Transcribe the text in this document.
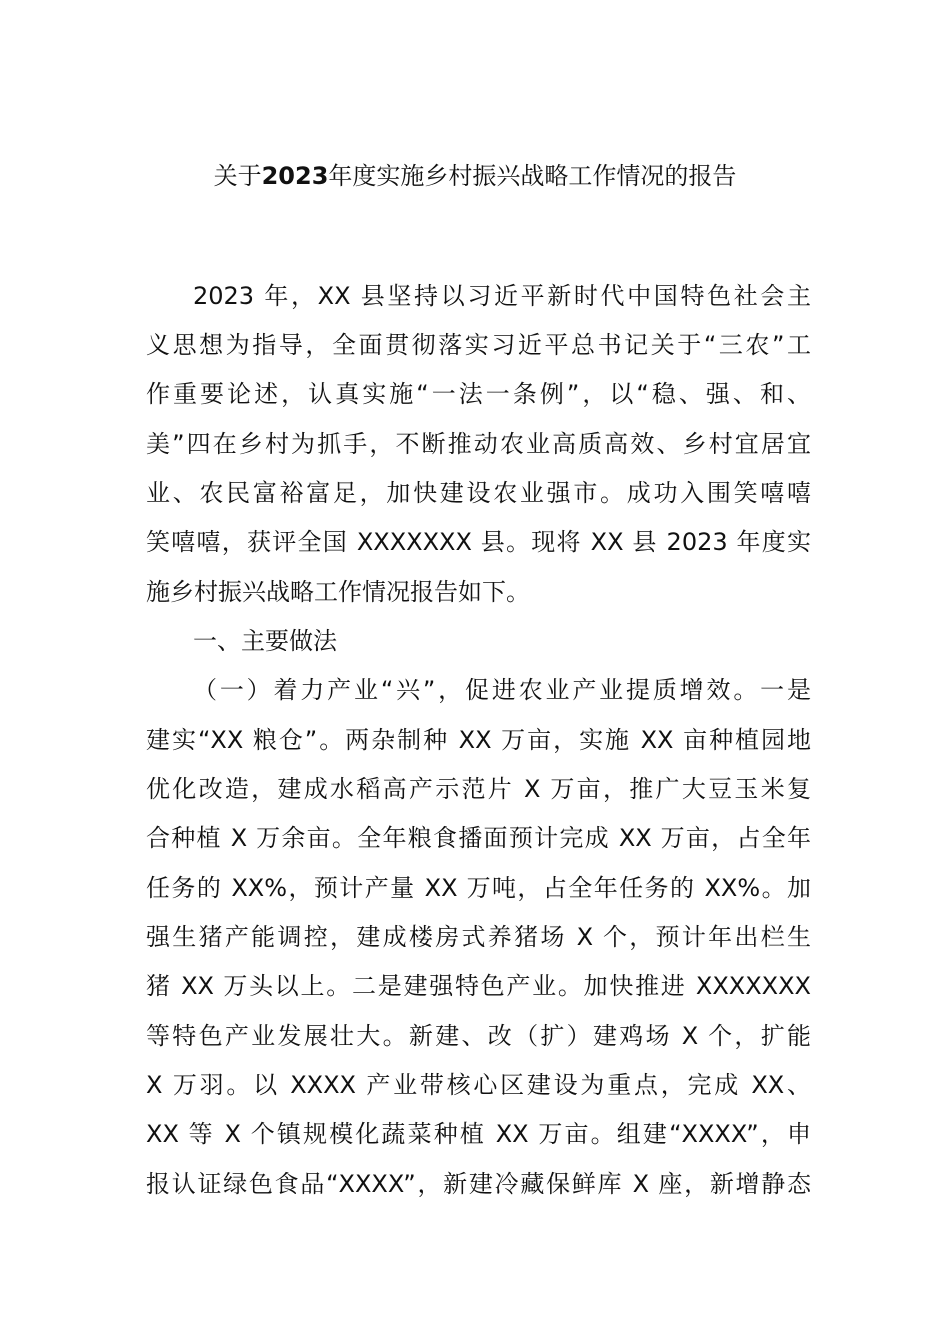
关于2023年度实施乡村振兴战略工作情况的报告
2023 年，XX 县坚持以习近平新时代中国特色社会主
义思想为指导，全面贯彻落实习近平总书记关于“三农”工
作重要论述，认真实施“一法一条例”，以“稳、强、和、
美”四在乡村为抓手，不断推动农业高质高效、乡村宜居宜
业、农民富裕富足，加快建设农业强市。成功入围笑嘻嘻
笑嘻嘻，获评全国 XXXXXXX 县。现将 XX 县 2023 年度实
施乡村振兴战略工作情况报告如下。
一、主要做法
（一）着力产业“兴”，促进农业产业提质增效。一是
建实“XX 粮仓”。两杂制种 XX 万亩，实施 XX 亩种植园地
优化改造，建成水稻高产示范片 X 万亩，推广大豆玉米复
合种植 X 万余亩。全年粮食播面预计完成 XX 万亩，占全年
任务的 XX%，预计产量 XX 万吨，占全年任务的 XX%。加
强生猪产能调控，建成楼房式养猪场 X 个，预计年出栏生
猪 XX 万头以上。二是建强特色产业。加快推进 XXXXXXX
等特色产业发展壮大。新建、改（扩）建鸡场 X 个，扩能
X 万羽。以 XXXX 产业带核心区建设为重点，完成 XX、
XX 等 X 个镇规模化蔬菜种植 XX 万亩。组建“XXXX”，申
报认证绿色食品“XXXX”，新建冷藏保鲜库 X 座，新增静态
